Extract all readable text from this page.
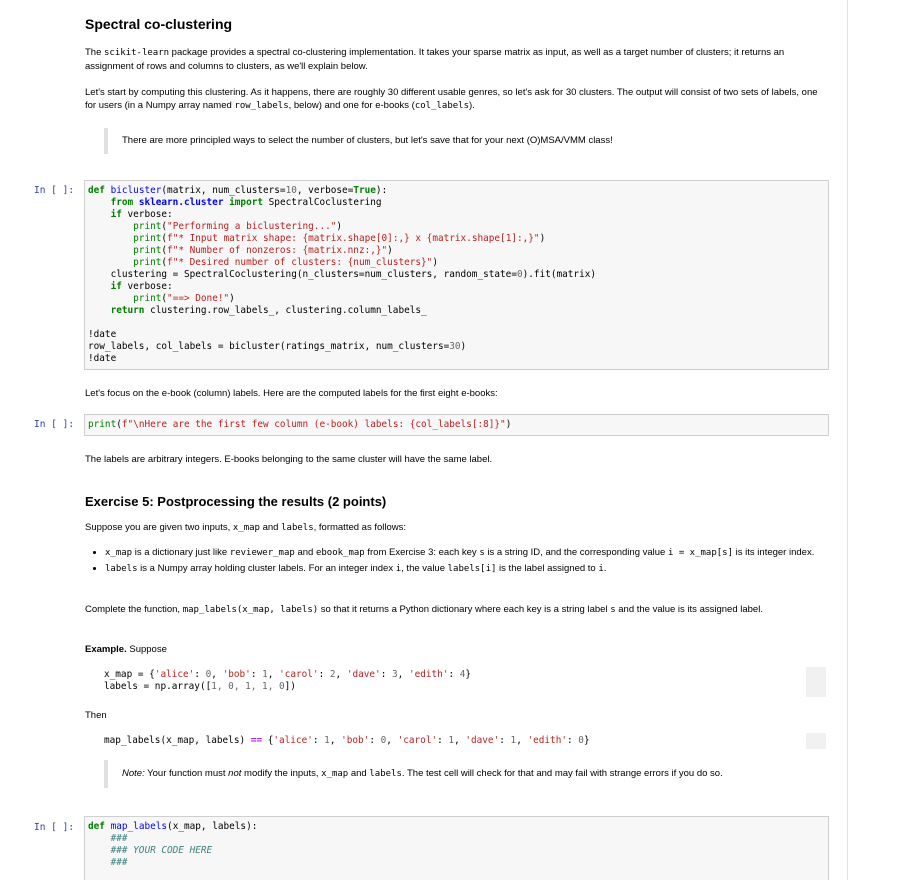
Spectral co-clustering

The scikit-learn package provides a spectral co-clustering implementation. It takes your sparse matrix as input, as well as a target number of clusters; it returns an assignment of rows and columns to clusters, as we'll explain below.

Let's start by computing this clustering. As it happens, there are roughly 30 different usable genres, so let's ask for 30 clusters. The output will consist of two sets of labels, one for users (in a Numpy array named row_labels, below) and one for e-books (col_labels).

There are more principled ways to select the number of clusters, but let's save that for your next (O)MSA/VMM class!
In [ ]:	def bicluster(matrix, num_clusters=10, verbose=True):
from sklearn.cluster import SpectralCoclustering
if verbose:
print("Performing a biclustering...")
print(f"* Input matrix shape: {matrix.shape[0]:,} x {matrix.shape[1]:,}")
print(f"* Number of nonzeros: {matrix.nnz:,}")
print(f"* Desired number of clusters: {num_clusters}")
clustering = SpectralCoclustering(n_clusters=num_clusters, random_state=0).fit(matrix)
if verbose:
print("==> Done!")
return clustering.row_labels_, clustering.column_labels_

!date
row_labels, col_labels = bicluster(ratings_matrix, num_clusters=30)
!date

Let's focus on the e-book (column) labels. Here are the computed labels for the first eight e-books:

In [ ]:	print(f"\nHere are the first few column (e-book) labels: {col_labels[:8]}")

The labels are arbitrary integers. E-books belonging to the same cluster will have the same label.

Exercise 5: Postprocessing the results (2 points)

Suppose you are given two inputs, x_map and labels, formatted as follows:

• x_map is a dictionary just like reviewer_map and ebook_map from Exercise 3: each key s is a string ID, and the corresponding value i = x_map[s] is its integer index.
• labels is a Numpy array holding cluster labels. For an integer index i, the value labels[i] is the label assigned to i.

Complete the function, map_labels(x_map, labels) so that it returns a Python dictionary where each key is a string label s and the value is its assigned label.

Example. Suppose

x_map = {'alice': 0, 'bob': 1, 'carol': 2, 'dave': 3, 'edith': 4}
labels = np.array([1, 0, 1, 1, 0])

Then

map_labels(x_map, labels) == {'alice': 1, 'bob': 0, 'carol': 1, 'dave': 1, 'edith': 0}
Note: Your function must not modify the inputs, x_map and labels. The test cell will check for that and may fail with strange errors if you do so.
In [ ]:	def map_labels(x_map, labels):
###
### YOUR CODE HERE
###
